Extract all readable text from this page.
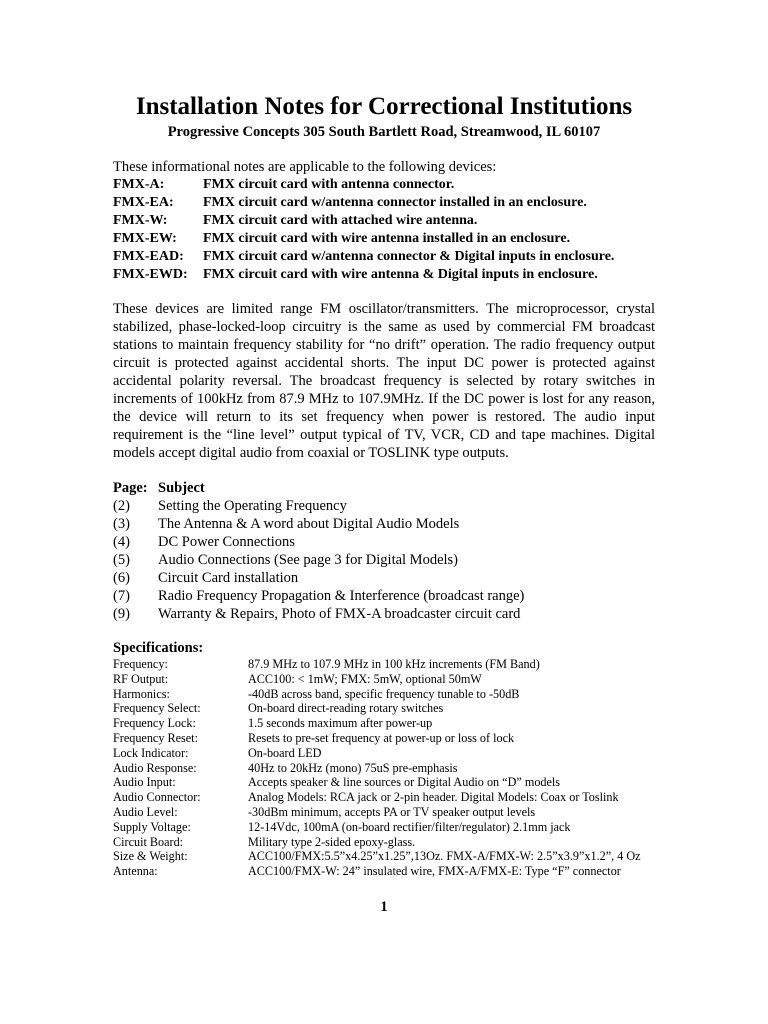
Installation Notes for Correctional Institutions
Progressive Concepts 305 South Bartlett Road, Streamwood, IL 60107
These informational notes are applicable to the following devices:
FMX-A:	FMX circuit card with antenna connector.
FMX-EA:	FMX circuit card w/antenna connector installed in an enclosure.
FMX-W:	FMX circuit card with attached wire antenna.
FMX-EW:	FMX circuit card with wire antenna installed in an enclosure.
FMX-EAD:	FMX circuit card w/antenna connector & Digital inputs in enclosure.
FMX-EWD:	FMX circuit card with wire antenna & Digital inputs in enclosure.

These devices are limited range FM oscillator/transmitters. The microprocessor, crystal stabilized, phase-locked-loop circuitry is the same as used by commercial FM broadcast stations to maintain frequency stability for “no drift” operation. The radio frequency output circuit is protected against accidental shorts. The input DC power is protected against accidental polarity reversal. The broadcast frequency is selected by rotary switches in increments of 100kHz from 87.9 MHz to 107.9MHz. If the DC power is lost for any reason, the device will return to its set frequency when power is restored. The audio input requirement is the “line level” output typical of TV, VCR, CD and tape machines. Digital models accept digital audio from coaxial or TOSLINK type outputs.

Page: Subject
(2)	Setting the Operating Frequency
(3)	The Antenna & A word about Digital Audio Models
(4)	DC Power Connections
(5)	Audio Connections (See page 3 for Digital Models)
(6)	Circuit Card installation
(7)	Radio Frequency Propagation & Interference (broadcast range)
(9)	Warranty & Repairs, Photo of FMX-A broadcaster circuit card
Specifications:
Frequency:	87.9 MHz to 107.9 MHz in 100 kHz increments (FM Band)
RF Output:	ACC100: < 1mW; FMX: 5mW, optional 50mW
Harmonics:	-40dB across band, specific frequency tunable to -50dB
Frequency Select:	On-board direct-reading rotary switches
Frequency Lock:	1.5 seconds maximum after power-up
Frequency Reset:	Resets to pre-set frequency at power-up or loss of lock
Lock Indicator:	On-board LED
Audio Response:	40Hz to 20kHz (mono) 75uS pre-emphasis
Audio Input:	Accepts speaker & line sources or Digital Audio on “D” models
Audio Connector:	Analog Models: RCA jack or 2-pin header. Digital Models: Coax or Toslink
Audio Level:	-30dBm minimum, accepts PA or TV speaker output levels
Supply Voltage:	12-14Vdc, 100mA (on-board rectifier/filter/regulator) 2.1mm jack
Circuit Board:	Military type 2-sided epoxy-glass.
Size & Weight:	ACC100/FMX:5.5”x4.25”x1.25”,13Oz. FMX-A/FMX-W: 2.5”x3.9”x1.2”, 4 Oz
Antenna:	ACC100/FMX-W: 24” insulated wire, FMX-A/FMX-E: Type “F” connector
1
